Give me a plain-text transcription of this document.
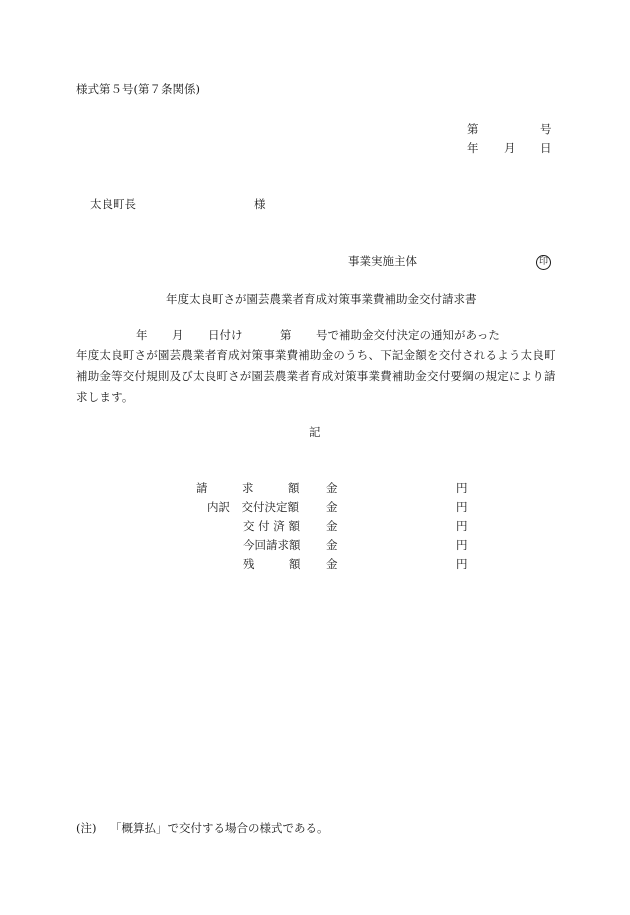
様式第５号(第７条関係)
第	号
年 月 日
太良町長	様
事業実施主体	印
年度太良町さが園芸農業者育成対策事業費補助金交付請求書
年 月 日付け	第 号で補助金交付決定の通知があった
年度太良町さが園芸農業者育成対策事業費補助金のうち、下記金額を交付されるよう太良町補助金等交付規則及び太良町さが園芸農業者育成対策事業費補助金交付要綱の規定により請求します。
記
請　　　求　　　額 金	円
内訳　交付決定額 金	円
交 付 済 額 金	円
今回請求額 金	円
残　　　額 金	円
(注) 「概算払」で交付する場合の様式である。
